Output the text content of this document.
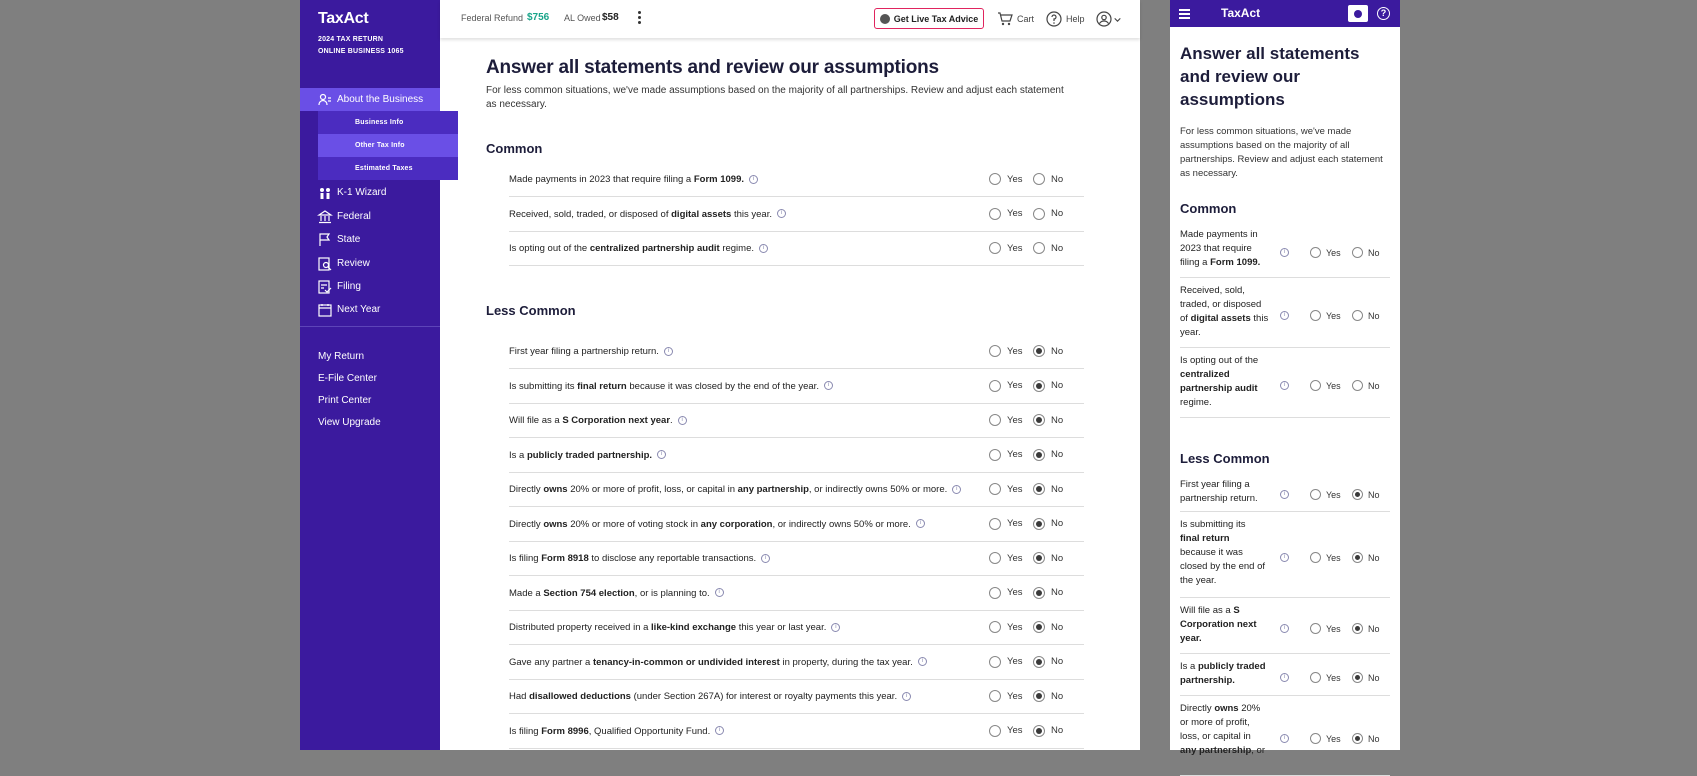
TaxAct
2024 TAX RETURN
ONLINE BUSINESS 1065
About the Business
Business Info
Other Tax Info
Estimated Taxes
K-1 Wizard
Federal
State
Review
Filing
Next Year
My Return
E-File Center
Print Center
View Upgrade
Federal Refund $756 AL Owed $58	Get Live Tax Advice	Cart	Help
Answer all statements and review our assumptions
For less common situations, we've made assumptions based on the majority of all partnerships. Review and adjust each statement as necessary.
Common
Made payments in 2023 that require filing a Form 1099. i	Yes	No
Received, sold, traded, or disposed of digital assets this year. i	Yes	No
Is opting out of the centralized partnership audit regime. i	Yes	No
Less Common
First year filing a partnership return. i	Yes	No
Is submitting its final return because it was closed by the end of the year. i	Yes	No
Will file as a S Corporation next year. i	Yes	No
Is a publicly traded partnership. i	Yes	No
Directly owns 20% or more of profit, loss, or capital in any partnership, or indirectly owns 50% or more. i	Yes	No
Directly owns 20% or more of voting stock in any corporation, or indirectly owns 50% or more. i	Yes	No
Is filing Form 8918 to disclose any reportable transactions. i	Yes	No
Made a Section 754 election, or is planning to. i	Yes	No
Distributed property received in a like-kind exchange this year or last year. i	Yes	No
Gave any partner a tenancy-in-common or undivided interest in property, during the tax year. i	Yes	No
Had disallowed deductions (under Section 267A) for interest or royalty payments this year. i	Yes	No
Is filing Form 8996, Qualified Opportunity Fund. i	Yes	No
TaxAct	?
Answer all statements and review our assumptions
For less common situations, we've made assumptions based on the majority of all partnerships. Review and adjust each statement as necessary.
Common
Made payments in
2023 that require
filing a Form 1099.
i	Yes	No
Received, sold,
traded, or disposed
of digital assets this
year.
i	Yes	No
Is opting out of the
centralized
partnership audit
regime.
i	Yes	No
Less Common
First year filing a
partnership return.	i	Yes	No
Is submitting its
final return
because it was
closed by the end of
the year.
i	Yes	No
Will file as a S
Corporation next
year.
i	Yes	No
Is a publicly traded
partnership.	i	Yes	No
Directly owns 20%
or more of profit,
loss, or capital in
any partnership, or
i	Yes	No
